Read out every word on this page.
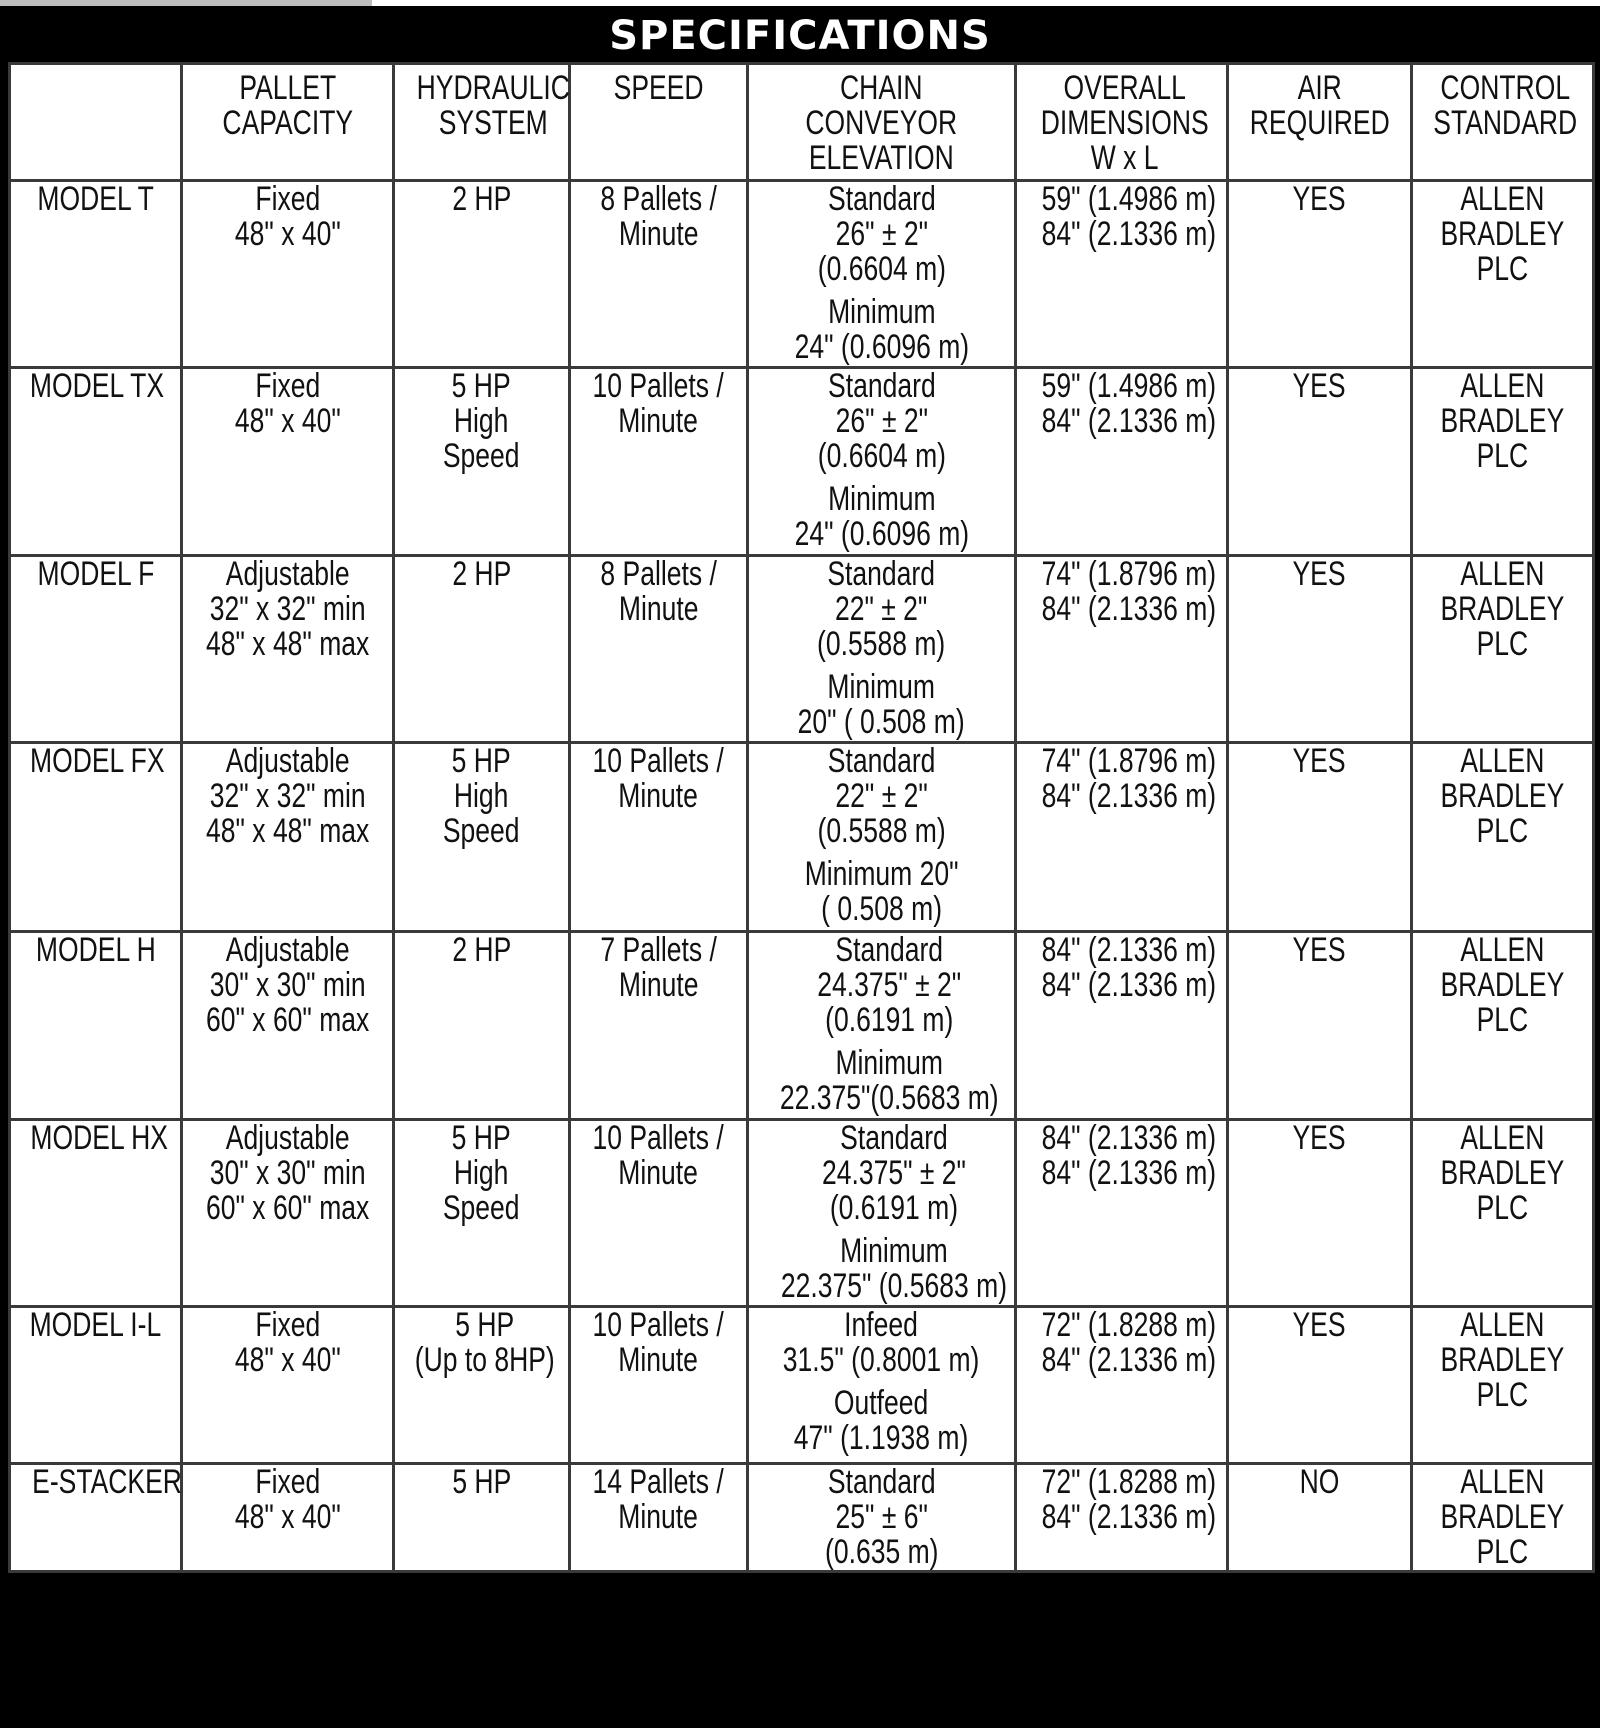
SPECIFICATIONS

	PALLET
CAPACITY	HYDRAULIC
SYSTEM	SPEED	CHAIN
CONVEYOR
ELEVATION	OVERALL
DIMENSIONS
W x L	AIR
REQUIRED	CONTROL
STANDARD

MODEL T	Fixed
48" x 40"	2 HP	8 Pallets /
Minute	Standard
26" ± 2"
(0.6604 m)
Minimum
24" (0.6096 m)	59" (1.4986 m)
84" (2.1336 m)	YES	ALLEN
BRADLEY
PLC

MODEL TX	Fixed
48" x 40"	5 HP
High
Speed	10 Pallets /
Minute	Standard
26" ± 2"
(0.6604 m)
Minimum
24" (0.6096 m)	59" (1.4986 m)
84" (2.1336 m)	YES	ALLEN
BRADLEY
PLC

MODEL F	Adjustable
32" x 32" min
48" x 48" max	2 HP	8 Pallets /
Minute	Standard
22" ± 2"
(0.5588 m)
Minimum
20" ( 0.508 m)	74" (1.8796 m)
84" (2.1336 m)	YES	ALLEN
BRADLEY
PLC

MODEL FX	Adjustable
32" x 32" min
48" x 48" max	5 HP
High
Speed	10 Pallets /
Minute	Standard
22" ± 2"
(0.5588 m)
Minimum 20"
( 0.508 m)	74" (1.8796 m)
84" (2.1336 m)	YES	ALLEN
BRADLEY
PLC

MODEL H	Adjustable
30" x 30" min
60" x 60" max	2 HP	7 Pallets /
Minute	Standard
24.375" ± 2"
(0.6191 m)
Minimum
22.375"(0.5683 m)	84" (2.1336 m)
84" (2.1336 m)	YES	ALLEN
BRADLEY
PLC

MODEL HX	Adjustable
30" x 30" min
60" x 60" max	5 HP
High
Speed	10 Pallets /
Minute	Standard
24.375" ± 2"
(0.6191 m)
Minimum
22.375" (0.5683 m)	84" (2.1336 m)
84" (2.1336 m)	YES	ALLEN
BRADLEY
PLC

MODEL I-L	Fixed
48" x 40"	5 HP
(Up to 8HP)	10 Pallets /
Minute	Infeed
31.5" (0.8001 m)
Outfeed
47" (1.1938 m)	72" (1.8288 m)
84" (2.1336 m)	YES	ALLEN
BRADLEY
PLC

E-STACKER	Fixed
48" x 40"	5 HP	14 Pallets /
Minute	Standard
25" ± 6"
(0.635 m)	72" (1.8288 m)
84" (2.1336 m)	NO	ALLEN
BRADLEY
PLC
